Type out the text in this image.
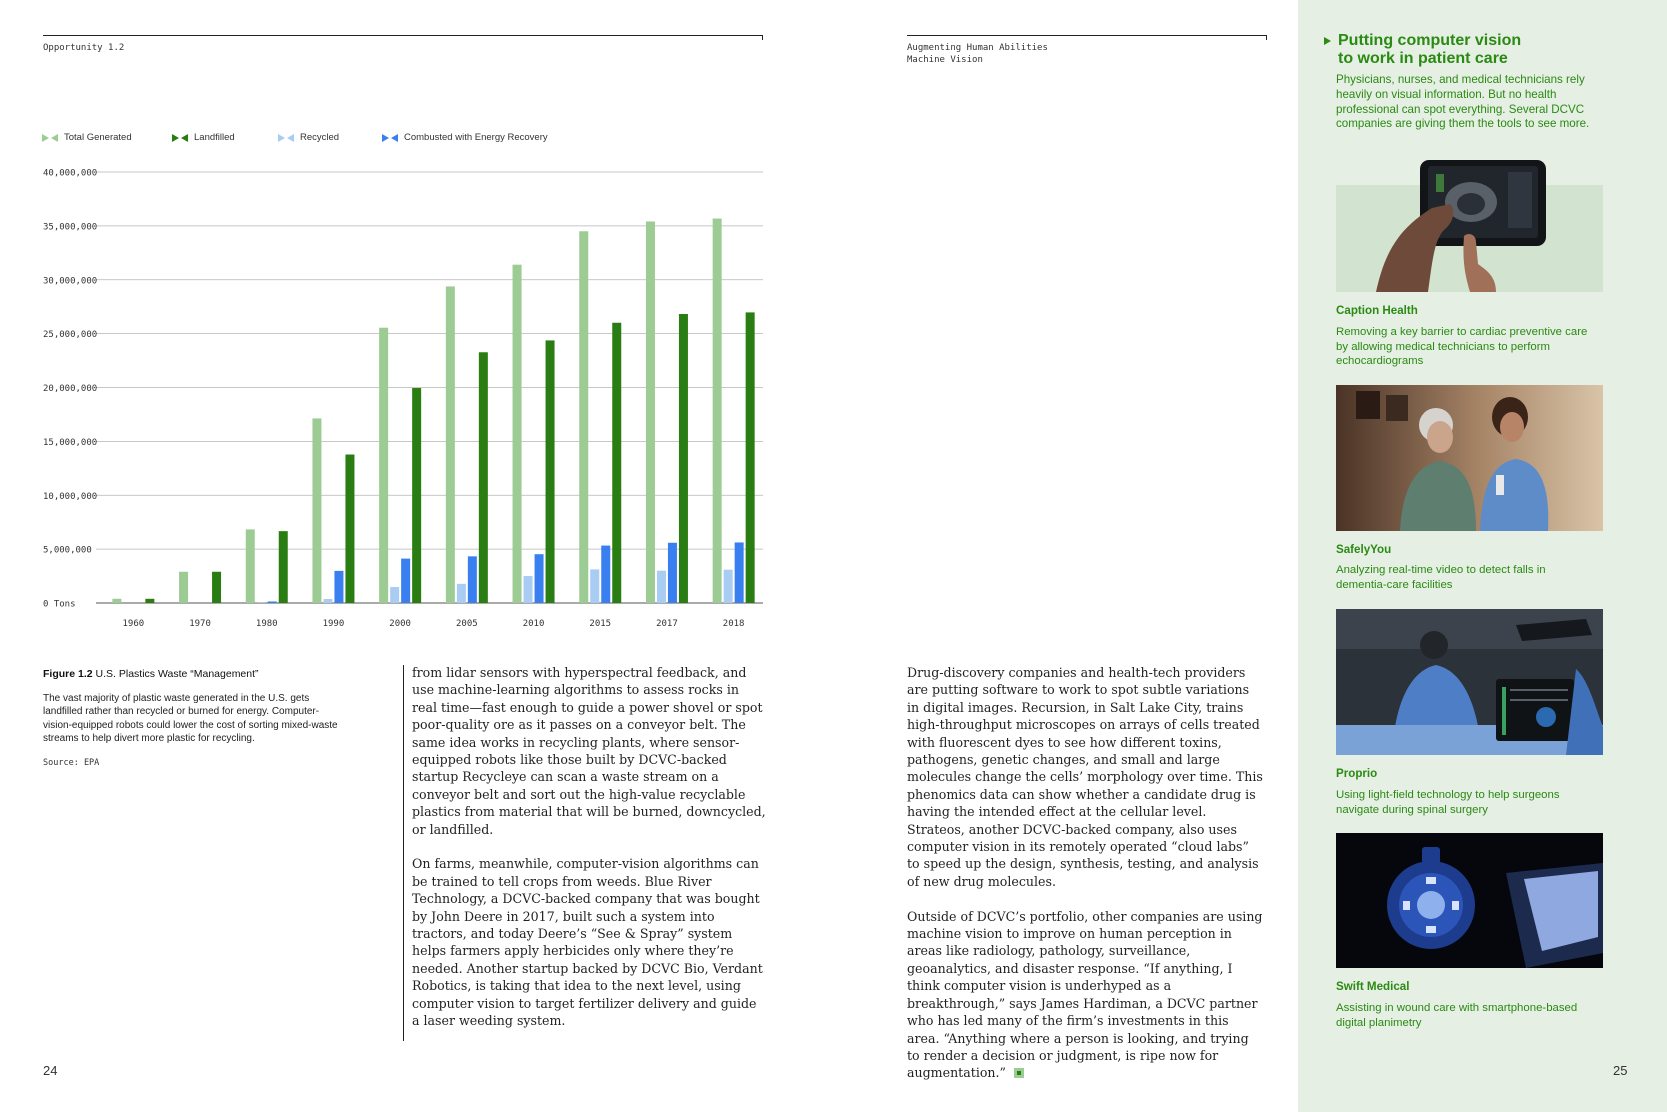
Opportunity 1.2
Total Generated	Landfilled	Recycled	Combusted with Energy Recovery
0 Tons
5,000,000
10,000,000
15,000,000
20,000,000
25,000,000
30,000,000
35,000,000
40,000,000
1960	1970	1980	1990	2000	2005	2010	2015	2017	2018
Figure 1.2 U.S. Plastics Waste “Management”
The vast majority of plastic waste generated in the U.S. gets landfilled rather than recycled or burned for energy. Computer-vision-equipped robots could lower the cost of sorting mixed-waste streams to help divert more plastic for recycling.
Source: EPA

from lidar sensors with hyperspectral feedback, and use machine-learning algorithms to assess rocks in real time—fast enough to guide a power shovel or spot poor-quality ore as it passes on a conveyor belt. The same idea works in recycling plants, where sensor-equipped robots like those built by DCVC-backed startup Recycleye can scan a waste stream on a conveyor belt and sort out the high-value recyclable plastics from material that will be burned, downcycled, or landfilled.

On farms, meanwhile, computer-vision algorithms can be trained to tell crops from weeds. Blue River Technology, a DCVC-backed company that was bought by John Deere in 2017, built such a system into tractors, and today Deere’s “See & Spray” system helps farmers apply herbicides only where they’re needed. Another startup backed by DCVC Bio, Verdant Robotics, is taking that idea to the next level, using computer vision to target fertilizer delivery and guide a laser weeding system.

24
Augmenting Human Abilities
Machine Vision

Drug-discovery companies and health-tech providers are putting software to work to spot subtle variations in digital images. Recursion, in Salt Lake City, trains high-throughput microscopes on arrays of cells treated with fluorescent dyes to see how different toxins, pathogens, genetic changes, and small and large molecules change the cells’ morphology over time. This phenomics data can show whether a candidate drug is having the intended effect at the cellular level. Strateos, another DCVC-backed company, also uses computer vision in its remotely operated “cloud labs” to speed up the design, synthesis, testing, and analysis of new drug molecules.

Outside of DCVC’s portfolio, other companies are using machine vision to improve on human perception in areas like radiology, pathology, surveillance, geoanalytics, and disaster response. “If anything, I think computer vision is underhyped as a breakthrough,” says James Hardiman, a DCVC partner who has led many of the firm’s investments in this area. “Anything where a person is looking, and trying to render a decision or judgment, is ripe now for augmentation.”

Putting computer vision
to work in patient care
Physicians, nurses, and medical technicians rely heavily on visual information. But no health professional can spot everything. Several DCVC companies are giving them the tools to see more.
Caption Health
Removing a key barrier to cardiac preventive care by allowing medical technicians to perform echocardiograms
SafelyYou
Analyzing real-time video to detect falls in dementia-care facilities
Proprio
Using light-field technology to help surgeons navigate during spinal surgery
Swift Medical
Assisting in wound care with smartphone-based digital planimetry
25
